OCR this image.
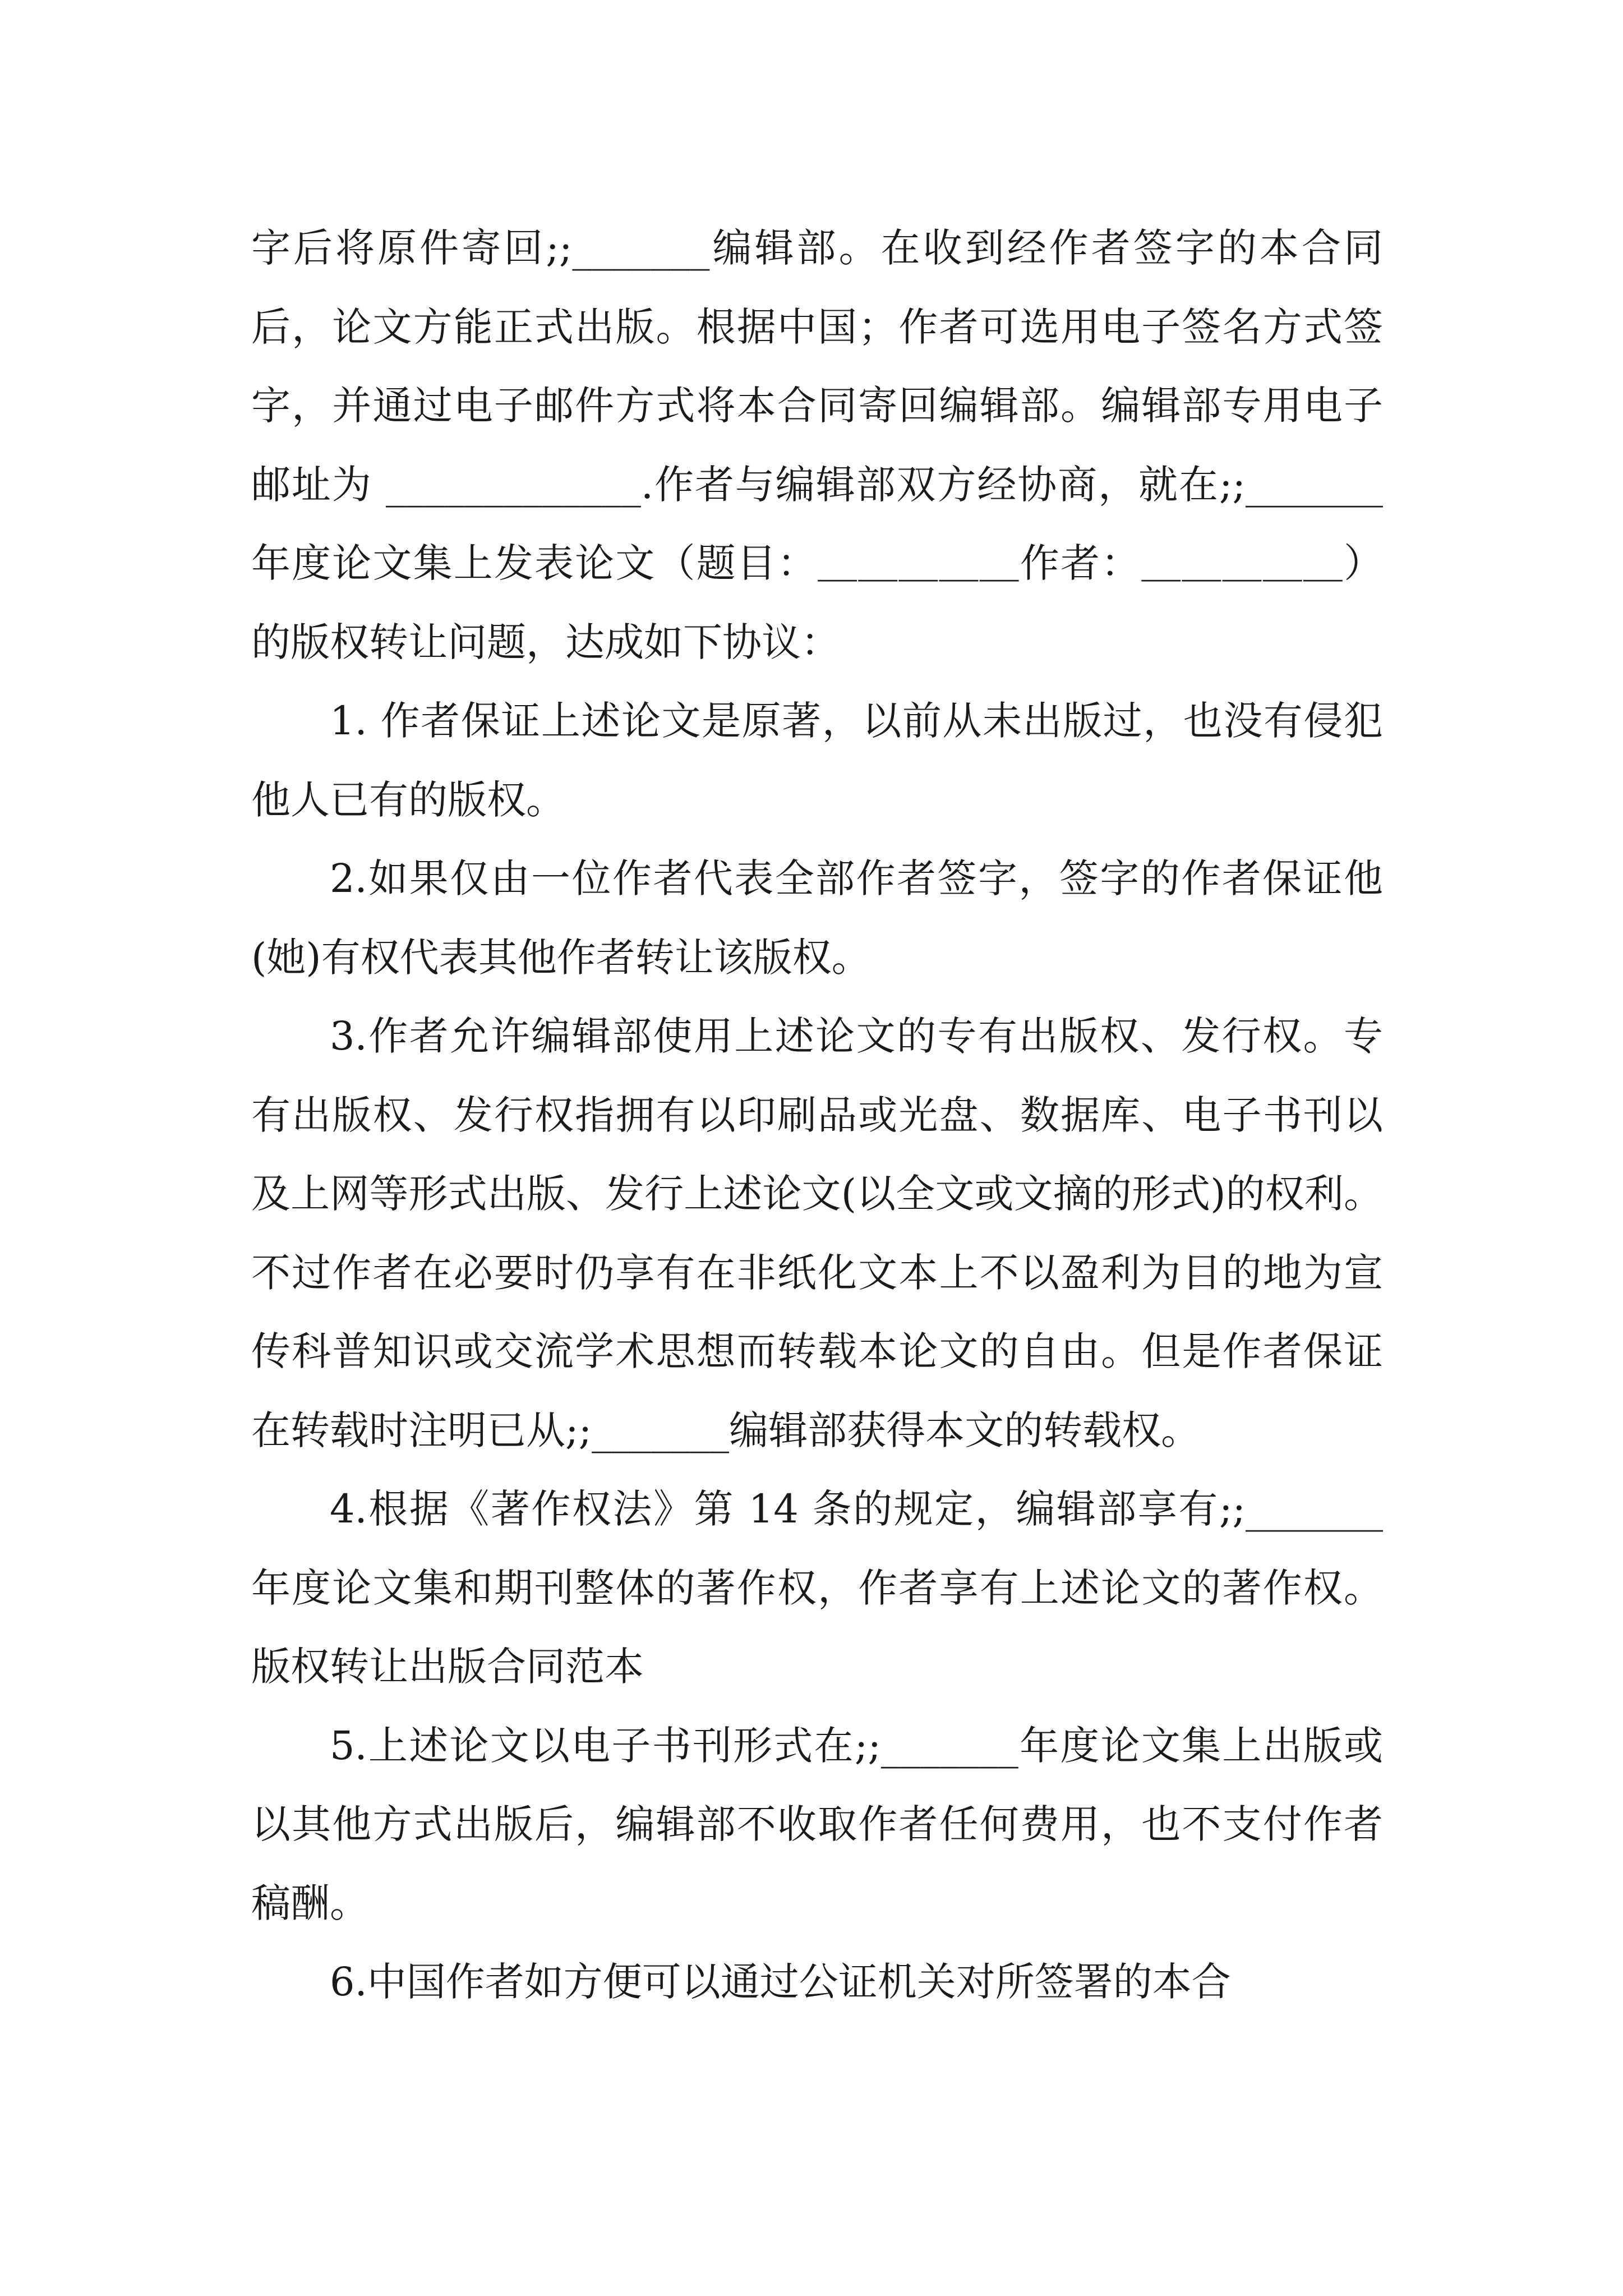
字后将原件寄回;;_______编辑部。在收到经作者签字的本合同后，论文方能正式出版。根据中国；作者可选用电子签名方式签字，并通过电子邮件方式将本合同寄回编辑部。编辑部专用电子邮址为 _____________.作者与编辑部双方经协商，就在;;_______年度论文集上发表论文（题目：＿＿＿＿＿作者：＿＿＿＿＿）的版权转让问题，达成如下协议：

1. 作者保证上述论文是原著，以前从未出版过，也没有侵犯他人已有的版权。

2.如果仅由一位作者代表全部作者签字，签字的作者保证他(她)有权代表其他作者转让该版权。

3.作者允许编辑部使用上述论文的专有出版权、发行权。专有出版权、发行权指拥有以印刷品或光盘、数据库、电子书刊以及上网等形式出版、发行上述论文(以全文或文摘的形式)的权利。不过作者在必要时仍享有在非纸化文本上不以盈利为目的地为宣传科普知识或交流学术思想而转载本论文的自由。但是作者保证在转载时注明已从;;_______编辑部获得本文的转载权。

4.根据《著作权法》第 14 条的规定，编辑部享有;;_______年度论文集和期刊整体的著作权，作者享有上述论文的著作权。版权转让出版合同范本

5.上述论文以电子书刊形式在;;_______年度论文集上出版或以其他方式出版后，编辑部不收取作者任何费用，也不支付作者稿酬。

6.中国作者如方便可以通过公证机关对所签署的本合
